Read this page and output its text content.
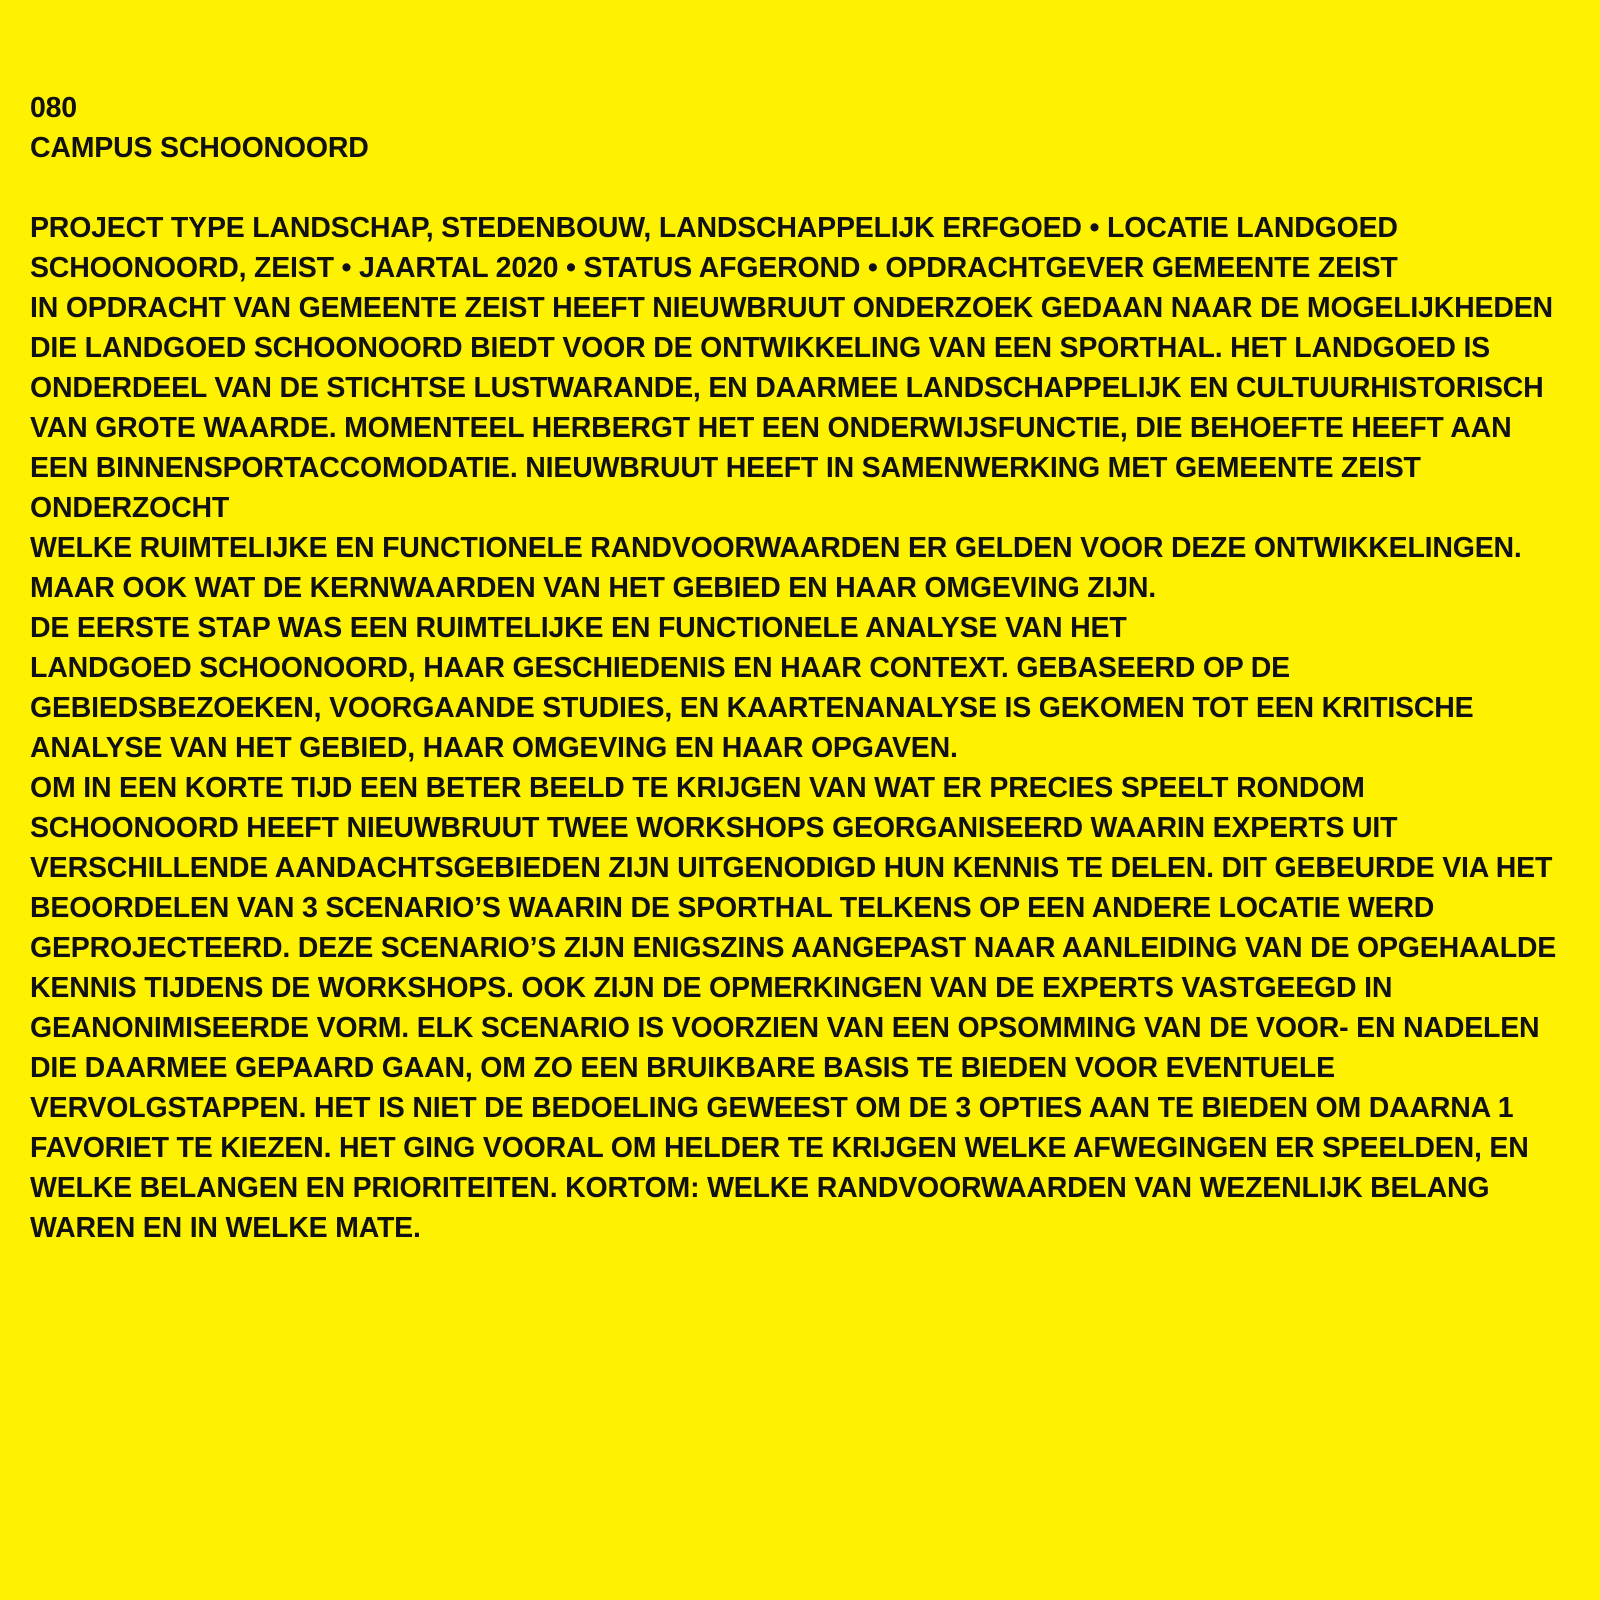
080

CAMPUS SCHOONOORD

PROJECT TYPE LANDSCHAP, STEDENBOUW, LANDSCHAPPELIJK ERFGOED • LOCATIE LANDGOED SCHOONOORD, ZEIST • JAARTAL 2020 • STATUS AFGEROND • OPDRACHTGEVER GEMEENTE ZEIST

IN OPDRACHT VAN GEMEENTE ZEIST HEEFT NIEUWBRUUT ONDERZOEK GEDAAN NAAR DE MOGELIJKHEDEN DIE LANDGOED SCHOONOORD BIEDT VOOR DE ONTWIKKELING VAN EEN SPORTHAL. HET LANDGOED IS ONDERDEEL VAN DE STICHTSE LUSTWARANDE, EN DAARMEE LANDSCHAPPELIJK EN CULTUURHISTORISCH VAN GROTE WAARDE. MOMENTEEL HERBERGT HET EEN ONDERWIJSFUNCTIE, DIE BEHOEFTE HEEFT AAN EEN BINNENSPORTACCOMODATIE. NIEUWBRUUT HEEFT IN SAMENWERKING MET GEMEENTE ZEIST ONDERZOCHT
WELKE RUIMTELIJKE EN FUNCTIONELE RANDVOORWAARDEN ER GELDEN VOOR DEZE ONTWIKKELINGEN. MAAR OOK WAT DE KERNWAARDEN VAN HET GEBIED EN HAAR OMGEVING ZIJN.

DE EERSTE STAP WAS EEN RUIMTELIJKE EN FUNCTIONELE ANALYSE VAN HET
LANDGOED SCHOONOORD, HAAR GESCHIEDENIS EN HAAR CONTEXT. GEBASEERD OP DE GEBIEDSBEZOEKEN, VOORGAANDE STUDIES, EN KAARTENANALYSE IS GEKOMEN TOT EEN KRITISCHE ANALYSE VAN HET GEBIED, HAAR OMGEVING EN HAAR OPGAVEN.

OM IN EEN KORTE TIJD EEN BETER BEELD TE KRIJGEN VAN WAT ER PRECIES SPEELT RONDOM SCHOONOORD HEEFT NIEUWBRUUT TWEE WORKSHOPS GEORGANISEERD WAARIN EXPERTS UIT VERSCHILLENDE AANDACHTSGEBIEDEN ZIJN UITGENODIGD HUN KENNIS TE DELEN. DIT GEBEURDE VIA HET BEOORDELEN VAN 3 SCENARIO’S WAARIN DE SPORTHAL TELKENS OP EEN ANDERE LOCATIE WERD GEPROJECTEERD. DEZE SCENARIO’S ZIJN ENIGSZINS AANGEPAST NAAR AANLEIDING VAN DE OPGEHAALDE KENNIS TIJDENS DE WORKSHOPS. OOK ZIJN DE OPMERKINGEN VAN DE EXPERTS VASTGEEGD IN GEANONIMISEERDE VORM. ELK SCENARIO IS VOORZIEN VAN EEN OPSOMMING VAN DE VOOR- EN NADELEN DIE DAARMEE GEPAARD GAAN, OM ZO EEN BRUIKBARE BASIS TE BIEDEN VOOR EVENTUELE VERVOLGSTAPPEN. HET IS NIET DE BEDOELING GEWEEST OM DE 3 OPTIES AAN TE BIEDEN OM DAARNA 1 FAVORIET TE KIEZEN. HET GING VOORAL OM HELDER TE KRIJGEN WELKE AFWEGINGEN ER SPEELDEN, EN WELKE BELANGEN EN PRIORITEITEN. KORTOM: WELKE RANDVOORWAARDEN VAN WEZENLIJK BELANG WAREN EN IN WELKE MATE.
